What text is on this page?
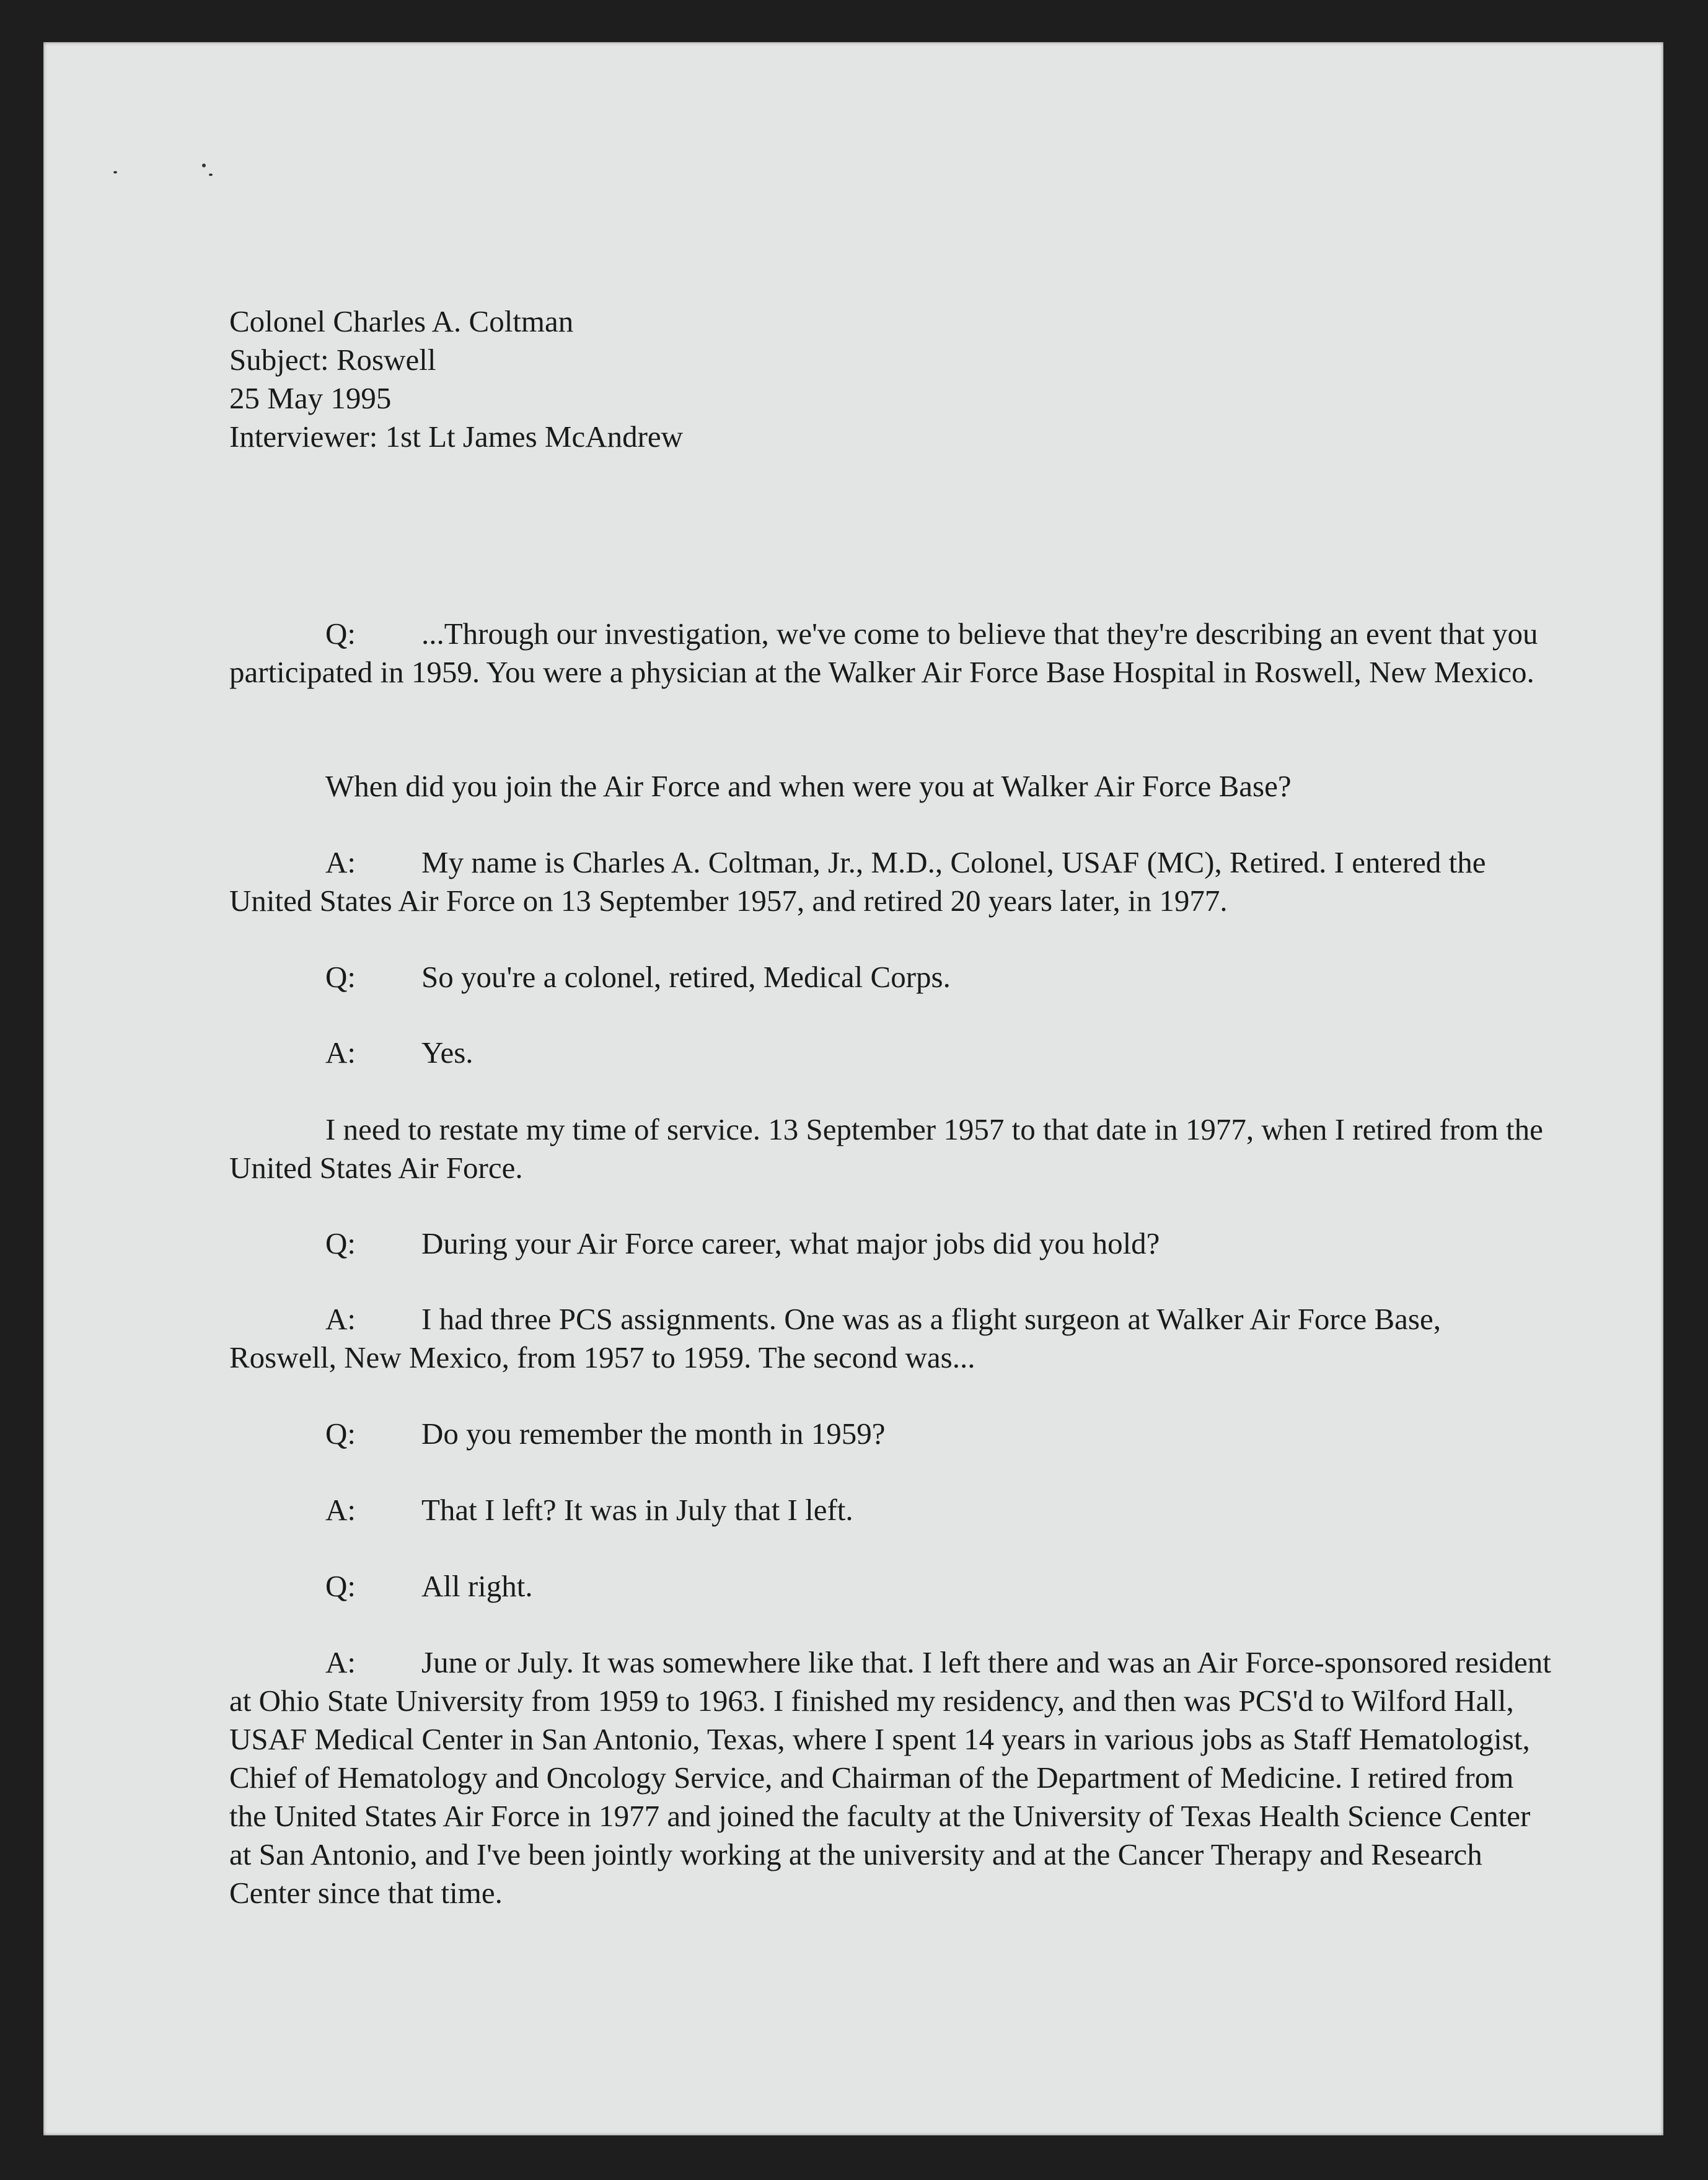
Colonel Charles A. Coltman
Subject: Roswell
25 May 1995
Interviewer: 1st Lt James McAndrew
Q: ...Through our investigation, we've come to believe that they're describing an event that you participated in 1959. You were a physician at the Walker Air Force Base Hospital in Roswell, New Mexico.
When did you join the Air Force and when were you at Walker Air Force Base?
A: My name is Charles A. Coltman, Jr., M.D., Colonel, USAF (MC), Retired. I entered the United States Air Force on 13 September 1957, and retired 20 years later, in 1977.
Q: So you're a colonel, retired, Medical Corps.
A: Yes.
I need to restate my time of service. 13 September 1957 to that date in 1977, when I retired from the United States Air Force.
Q: During your Air Force career, what major jobs did you hold?
A: I had three PCS assignments. One was as a flight surgeon at Walker Air Force Base, Roswell, New Mexico, from 1957 to 1959. The second was...
Q: Do you remember the month in 1959?
A: That I left? It was in July that I left.
Q: All right.
A: June or July. It was somewhere like that. I left there and was an Air Force-sponsored resident at Ohio State University from 1959 to 1963. I finished my residency, and then was PCS'd to Wilford Hall, USAF Medical Center in San Antonio, Texas, where I spent 14 years in various jobs as Staff Hematologist, Chief of Hematology and Oncology Service, and Chairman of the Department of Medicine. I retired from the United States Air Force in 1977 and joined the faculty at the University of Texas Health Science Center at San Antonio, and I've been jointly working at the university and at the Cancer Therapy and Research Center since that time.
